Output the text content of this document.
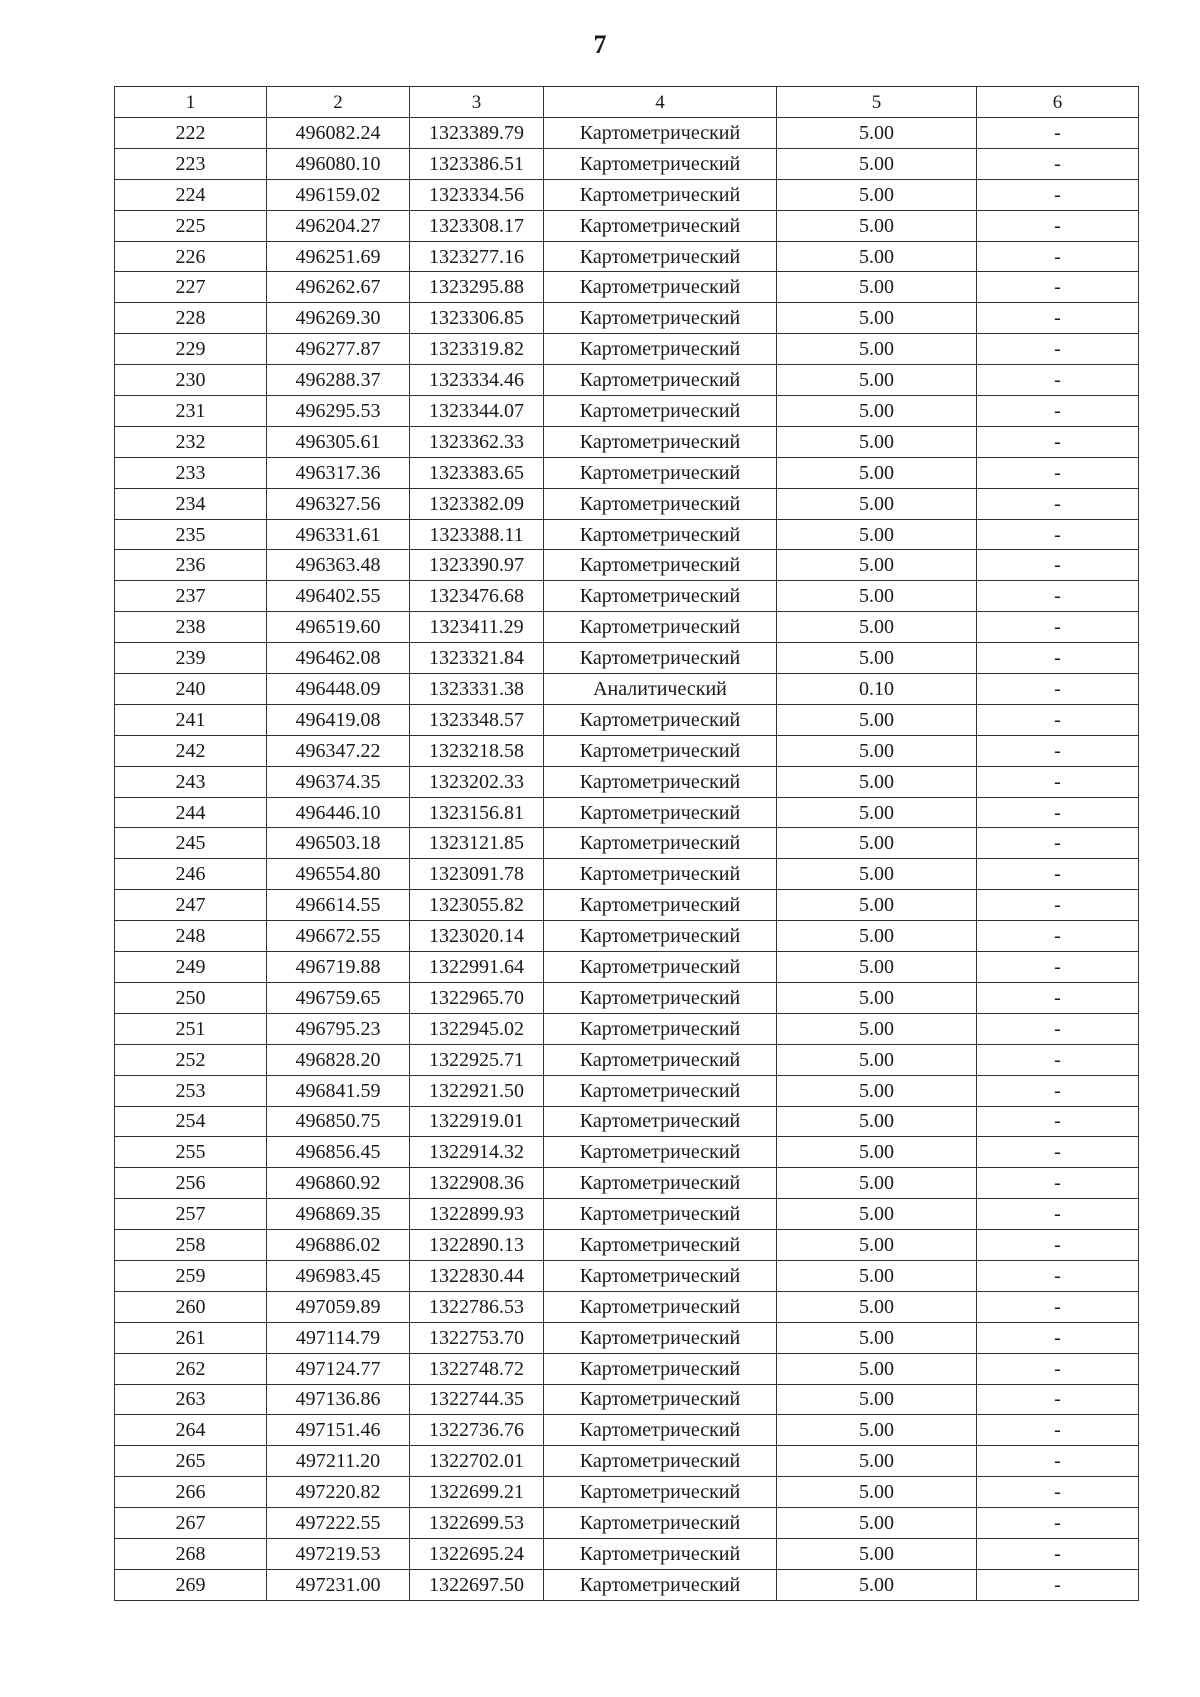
7
1	2	3	4	5	6
222	496082.24	1323389.79	Картометрический	5.00	-
223	496080.10	1323386.51	Картометрический	5.00	-
224	496159.02	1323334.56	Картометрический	5.00	-
225	496204.27	1323308.17	Картометрический	5.00	-
226	496251.69	1323277.16	Картометрический	5.00	-
227	496262.67	1323295.88	Картометрический	5.00	-
228	496269.30	1323306.85	Картометрический	5.00	-
229	496277.87	1323319.82	Картометрический	5.00	-
230	496288.37	1323334.46	Картометрический	5.00	-
231	496295.53	1323344.07	Картометрический	5.00	-
232	496305.61	1323362.33	Картометрический	5.00	-
233	496317.36	1323383.65	Картометрический	5.00	-
234	496327.56	1323382.09	Картометрический	5.00	-
235	496331.61	1323388.11	Картометрический	5.00	-
236	496363.48	1323390.97	Картометрический	5.00	-
237	496402.55	1323476.68	Картометрический	5.00	-
238	496519.60	1323411.29	Картометрический	5.00	-
239	496462.08	1323321.84	Картометрический	5.00	-
240	496448.09	1323331.38	Аналитический	0.10	-
241	496419.08	1323348.57	Картометрический	5.00	-
242	496347.22	1323218.58	Картометрический	5.00	-
243	496374.35	1323202.33	Картометрический	5.00	-
244	496446.10	1323156.81	Картометрический	5.00	-
245	496503.18	1323121.85	Картометрический	5.00	-
246	496554.80	1323091.78	Картометрический	5.00	-
247	496614.55	1323055.82	Картометрический	5.00	-
248	496672.55	1323020.14	Картометрический	5.00	-
249	496719.88	1322991.64	Картометрический	5.00	-
250	496759.65	1322965.70	Картометрический	5.00	-
251	496795.23	1322945.02	Картометрический	5.00	-
252	496828.20	1322925.71	Картометрический	5.00	-
253	496841.59	1322921.50	Картометрический	5.00	-
254	496850.75	1322919.01	Картометрический	5.00	-
255	496856.45	1322914.32	Картометрический	5.00	-
256	496860.92	1322908.36	Картометрический	5.00	-
257	496869.35	1322899.93	Картометрический	5.00	-
258	496886.02	1322890.13	Картометрический	5.00	-
259	496983.45	1322830.44	Картометрический	5.00	-
260	497059.89	1322786.53	Картометрический	5.00	-
261	497114.79	1322753.70	Картометрический	5.00	-
262	497124.77	1322748.72	Картометрический	5.00	-
263	497136.86	1322744.35	Картометрический	5.00	-
264	497151.46	1322736.76	Картометрический	5.00	-
265	497211.20	1322702.01	Картометрический	5.00	-
266	497220.82	1322699.21	Картометрический	5.00	-
267	497222.55	1322699.53	Картометрический	5.00	-
268	497219.53	1322695.24	Картометрический	5.00	-
269	497231.00	1322697.50	Картометрический	5.00	-
